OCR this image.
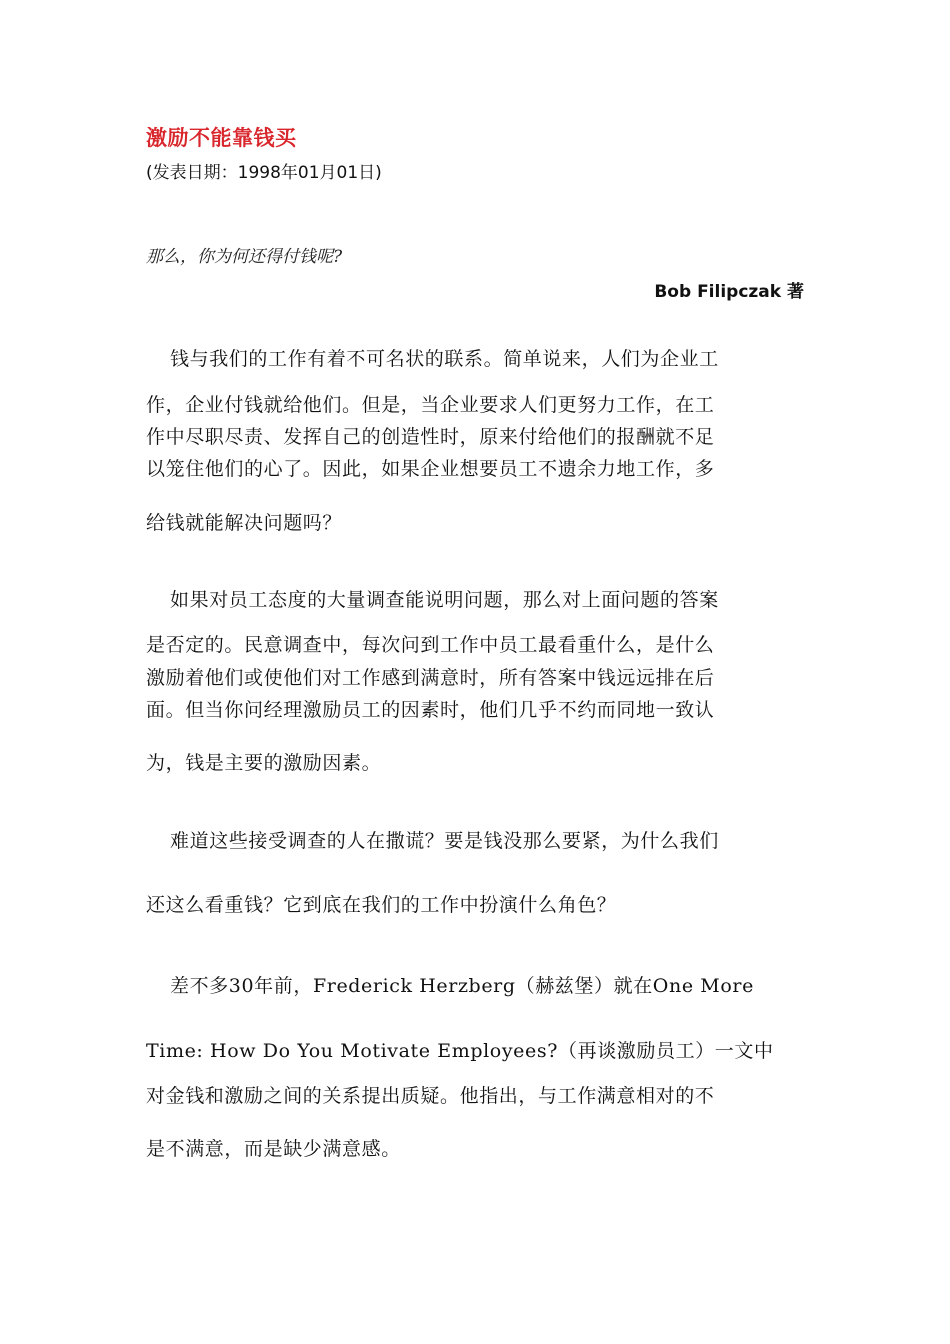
激励不能靠钱买
(发表日期：1998年01月01日)
那么，你为何还得付钱呢?
Bob Filipczak 著
钱与我们的工作有着不可名状的联系。简单说来，人们为企业工
作，企业付钱就给他们。但是，当企业要求人们更努力工作，在工
作中尽职尽责、发挥自己的创造性时，原来付给他们的报酬就不足
以笼住他们的心了。因此，如果企业想要员工不遗余力地工作，多
给钱就能解决问题吗？
如果对员工态度的大量调查能说明问题，那么对上面问题的答案
是否定的。民意调查中，每次问到工作中员工最看重什么，是什么
激励着他们或使他们对工作感到满意时，所有答案中钱远远排在后
面。但当你问经理激励员工的因素时，他们几乎不约而同地一致认
为，钱是主要的激励因素。
难道这些接受调查的人在撒谎？要是钱没那么要紧，为什么我们
还这么看重钱？它到底在我们的工作中扮演什么角色？
差不多30年前，Frederick Herzberg（赫兹堡）就在One More
Time: How Do You Motivate Employees?（再谈激励员工）一文中
对金钱和激励之间的关系提出质疑。他指出，与工作满意相对的不
是不满意，而是缺少满意感。
